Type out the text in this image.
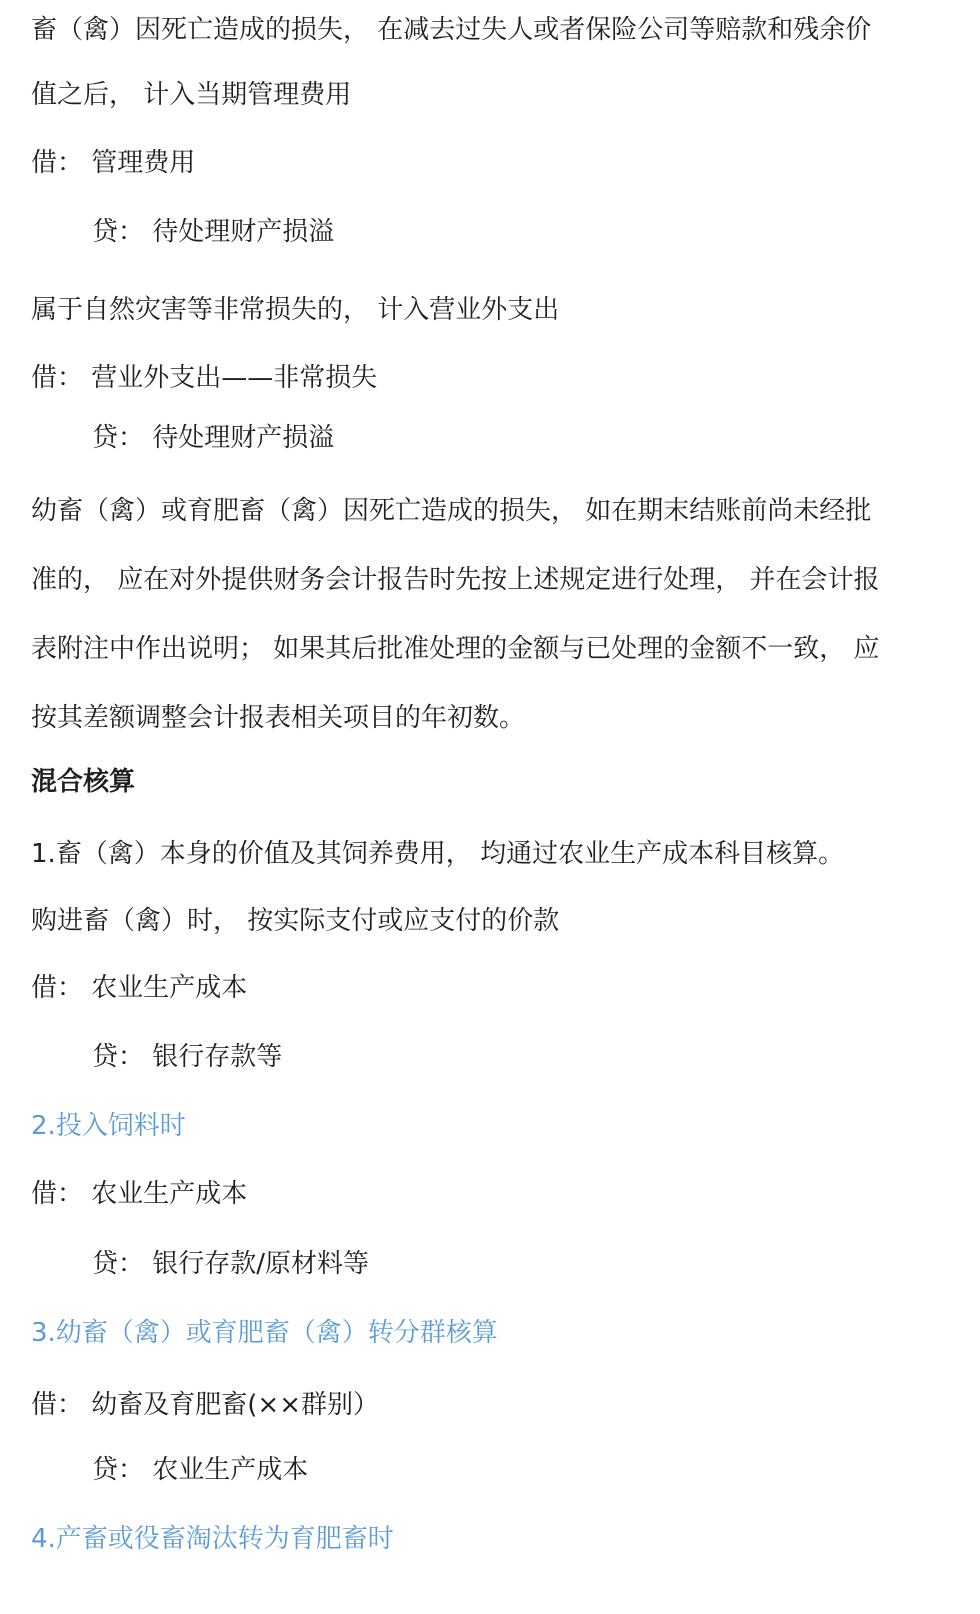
畜（禽）因死亡造成的损失， 在减去过失人或者保险公司等赔款和残余价
值之后， 计入当期管理费用
借： 管理费用
贷： 待处理财产损溢
属于自然灾害等非常损失的， 计入营业外支出
借： 营业外支出——非常损失
贷： 待处理财产损溢
幼畜（禽）或育肥畜（禽）因死亡造成的损失， 如在期末结账前尚未经批
准的， 应在对外提供财务会计报告时先按上述规定进行处理， 并在会计报
表附注中作出说明； 如果其后批准处理的金额与已处理的金额不一致， 应
按其差额调整会计报表相关项目的年初数。
混合核算
1.畜（禽）本身的价值及其饲养费用， 均通过农业生产成本科目核算。
购进畜（禽）时， 按实际支付或应支付的价款
借： 农业生产成本
贷： 银行存款等
2.投入饲料时
借： 农业生产成本
贷： 银行存款/原材料等
3.幼畜（禽）或育肥畜（禽）转分群核算
借： 幼畜及育肥畜(××群别）
贷： 农业生产成本
4.产畜或役畜淘汰转为育肥畜时
